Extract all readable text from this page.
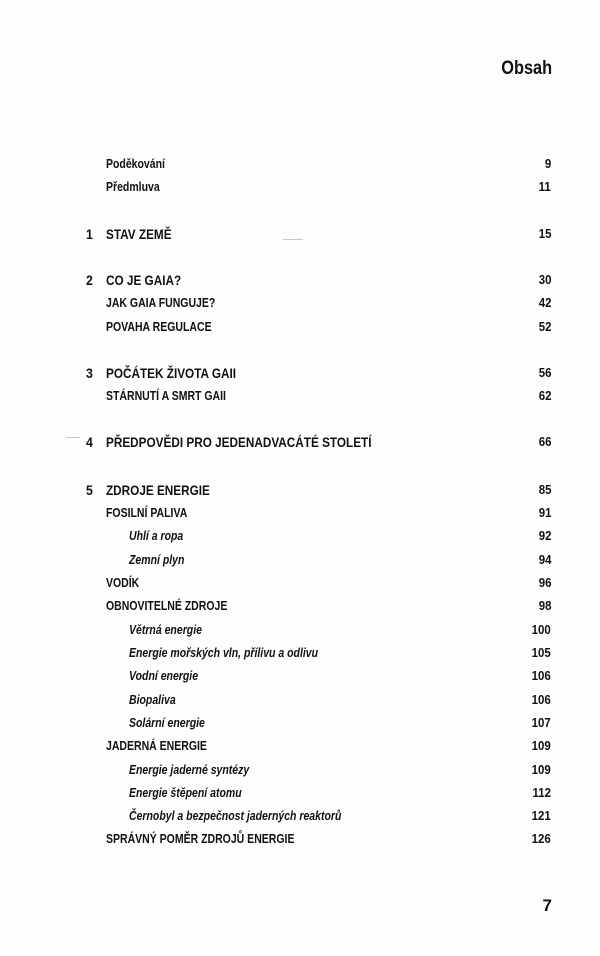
Obsah
Poděkování	9
Předmluva	11
1 STAV ZEMĚ	15
2 CO JE GAIA?	30
JAK GAIA FUNGUJE?	42
POVAHA REGULACE	52
3 POČÁTEK ŽIVOTA GAII	56
STÁRNUTÍ A SMRT GAII	62
4 PŘEDPOVĚDI PRO JEDENADVACÁTÉ STOLETÍ	66
5 ZDROJE ENERGIE	85
FOSILNÍ PALIVA	91
Uhlí a ropa	92
Zemní plyn	94
VODÍK	96
OBNOVITELNÉ ZDROJE	98
Větrná energie	100
Energie mořských vln, přílivu a odlivu	105
Vodní energie	106
Biopaliva	106
Solární energie	107
JADERNÁ ENERGIE	109
Energie jaderné syntézy	109
Energie štěpení atomu	112
Černobyl a bezpečnost jaderných reaktorů	121
SPRÁVNÝ POMĚR ZDROJŮ ENERGIE	126
7
